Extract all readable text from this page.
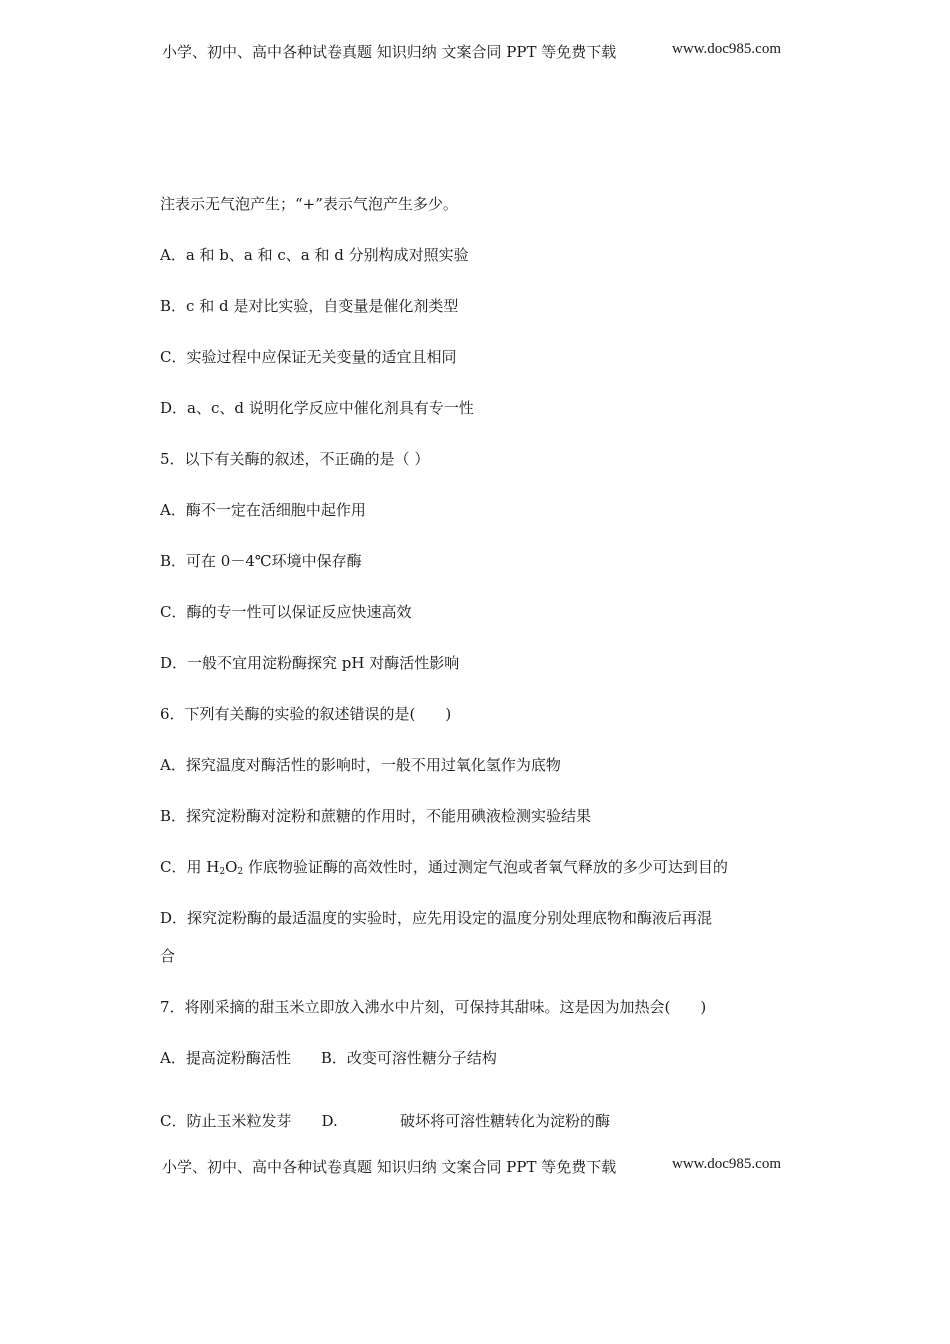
小学、初中、高中各种试卷真题 知识归纳 文案合同 PPT 等免费下载	www.doc985.com
注表示无气泡产生；“+”表示气泡产生多少。
A．a 和 b、a 和 c、a 和 d 分别构成对照实验
B．c 和 d 是对比实验，自变量是催化剂类型
C．实验过程中应保证无关变量的适宜且相同
D．a、c、d 说明化学反应中催化剂具有专一性
5．以下有关酶的叙述，不正确的是（ ）
A．酶不一定在活细胞中起作用
B．可在 0－4℃环境中保存酶
C．酶的专一性可以保证反应快速高效
D．一般不宜用淀粉酶探究 pH 对酶活性影响
6．下列有关酶的实验的叙述错误的是(　　)
A．探究温度对酶活性的影响时，一般不用过氧化氢作为底物
B．探究淀粉酶对淀粉和蔗糖的作用时，不能用碘液检测实验结果
C．用 $H_2O_2$ 作底物验证酶的高效性时，通过测定气泡或者氧气释放的多少可达到目的
D．探究淀粉酶的最适温度的实验时，应先用设定的温度分别处理底物和酶液后再混
合
7．将刚采摘的甜玉米立即放入沸水中片刻，可保持其甜味。这是因为加热会(　　)
A．提高淀粉酶活性　　B．改变可溶性糖分子结构
C．防止玉米粒发芽　　D.	破坏将可溶性糖转化为淀粉的酶
小学、初中、高中各种试卷真题 知识归纳 文案合同 PPT 等免费下载	www.doc985.com
